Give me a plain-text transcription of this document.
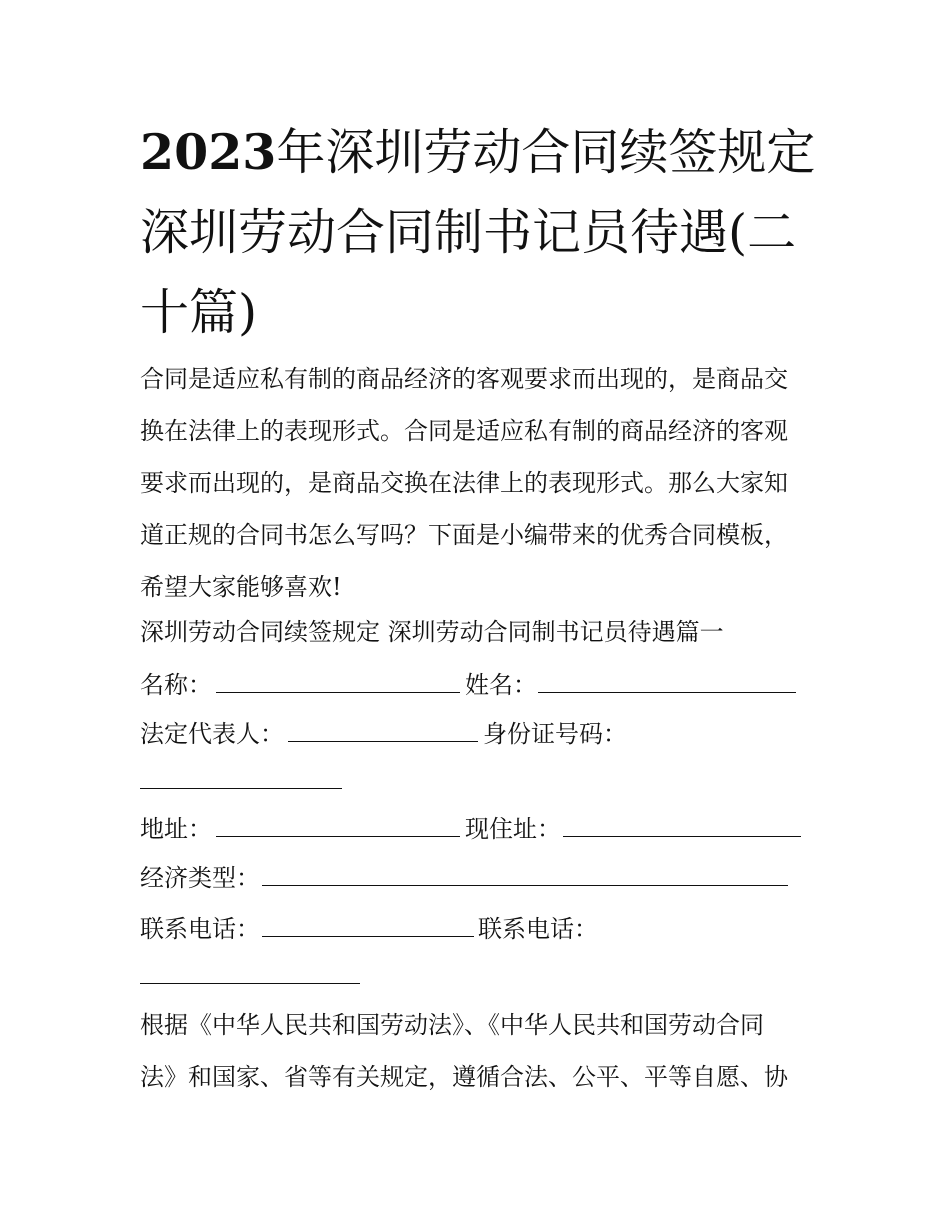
2023年深圳劳动合同续签规定
深圳劳动合同制书记员待遇(二
十篇)
合同是适应私有制的商品经济的客观要求而出现的，是商品交
换在法律上的表现形式。合同是适应私有制的商品经济的客观
要求而出现的，是商品交换在法律上的表现形式。那么大家知
道正规的合同书怎么写吗？下面是小编带来的优秀合同模板，
希望大家能够喜欢!
深圳劳动合同续签规定 深圳劳动合同制书记员待遇篇一
名称：	姓名：
法定代表人：	身份证号码：
地址：	现住址：
经济类型：
联系电话：	联系电话：
根据《中华人民共和国劳动法》、《中华人民共和国劳动合同
法》和国家、省等有关规定，遵循合法、公平、平等自愿、协
